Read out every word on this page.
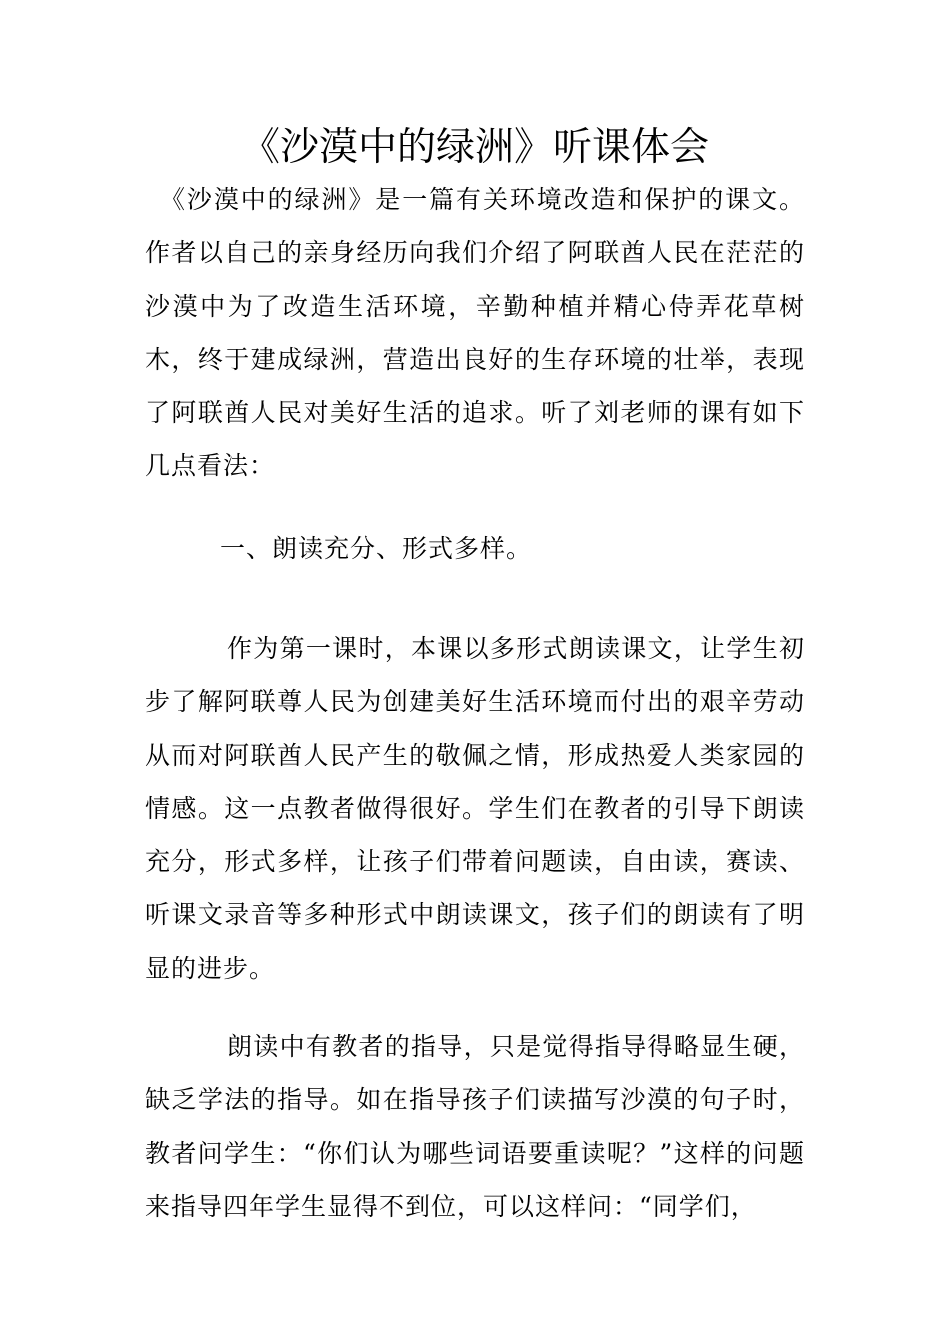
《沙漠中的绿洲》听课体会

《沙漠中的绿洲》是一篇有关环境改造和保护的课文。作者以自己的亲身经历向我们介绍了阿联酋人民在茫茫的沙漠中为了改造生活环境，辛勤种植并精心侍弄花草树木，终于建成绿洲，营造出良好的生存环境的壮举，表现了阿联酋人民对美好生活的追求。听了刘老师的课有如下几点看法：

一、朗读充分、形式多样。

作为第一课时，本课以多形式朗读课文，让学生初步了解阿联尊人民为创建美好生活环境而付出的艰辛劳动从而对阿联酋人民产生的敬佩之情，形成热爱人类家园的情感。这一点教者做得很好。学生们在教者的引导下朗读充分，形式多样，让孩子们带着问题读，自由读，赛读、听课文录音等多种形式中朗读课文，孩子们的朗读有了明显的进步。

朗读中有教者的指导，只是觉得指导得略显生硬，缺乏学法的指导。如在指导孩子们读描写沙漠的句子时，教者问学生：“你们认为哪些词语要重读呢？”这样的问题来指导四年学生显得不到位，可以这样问：“同学们，
